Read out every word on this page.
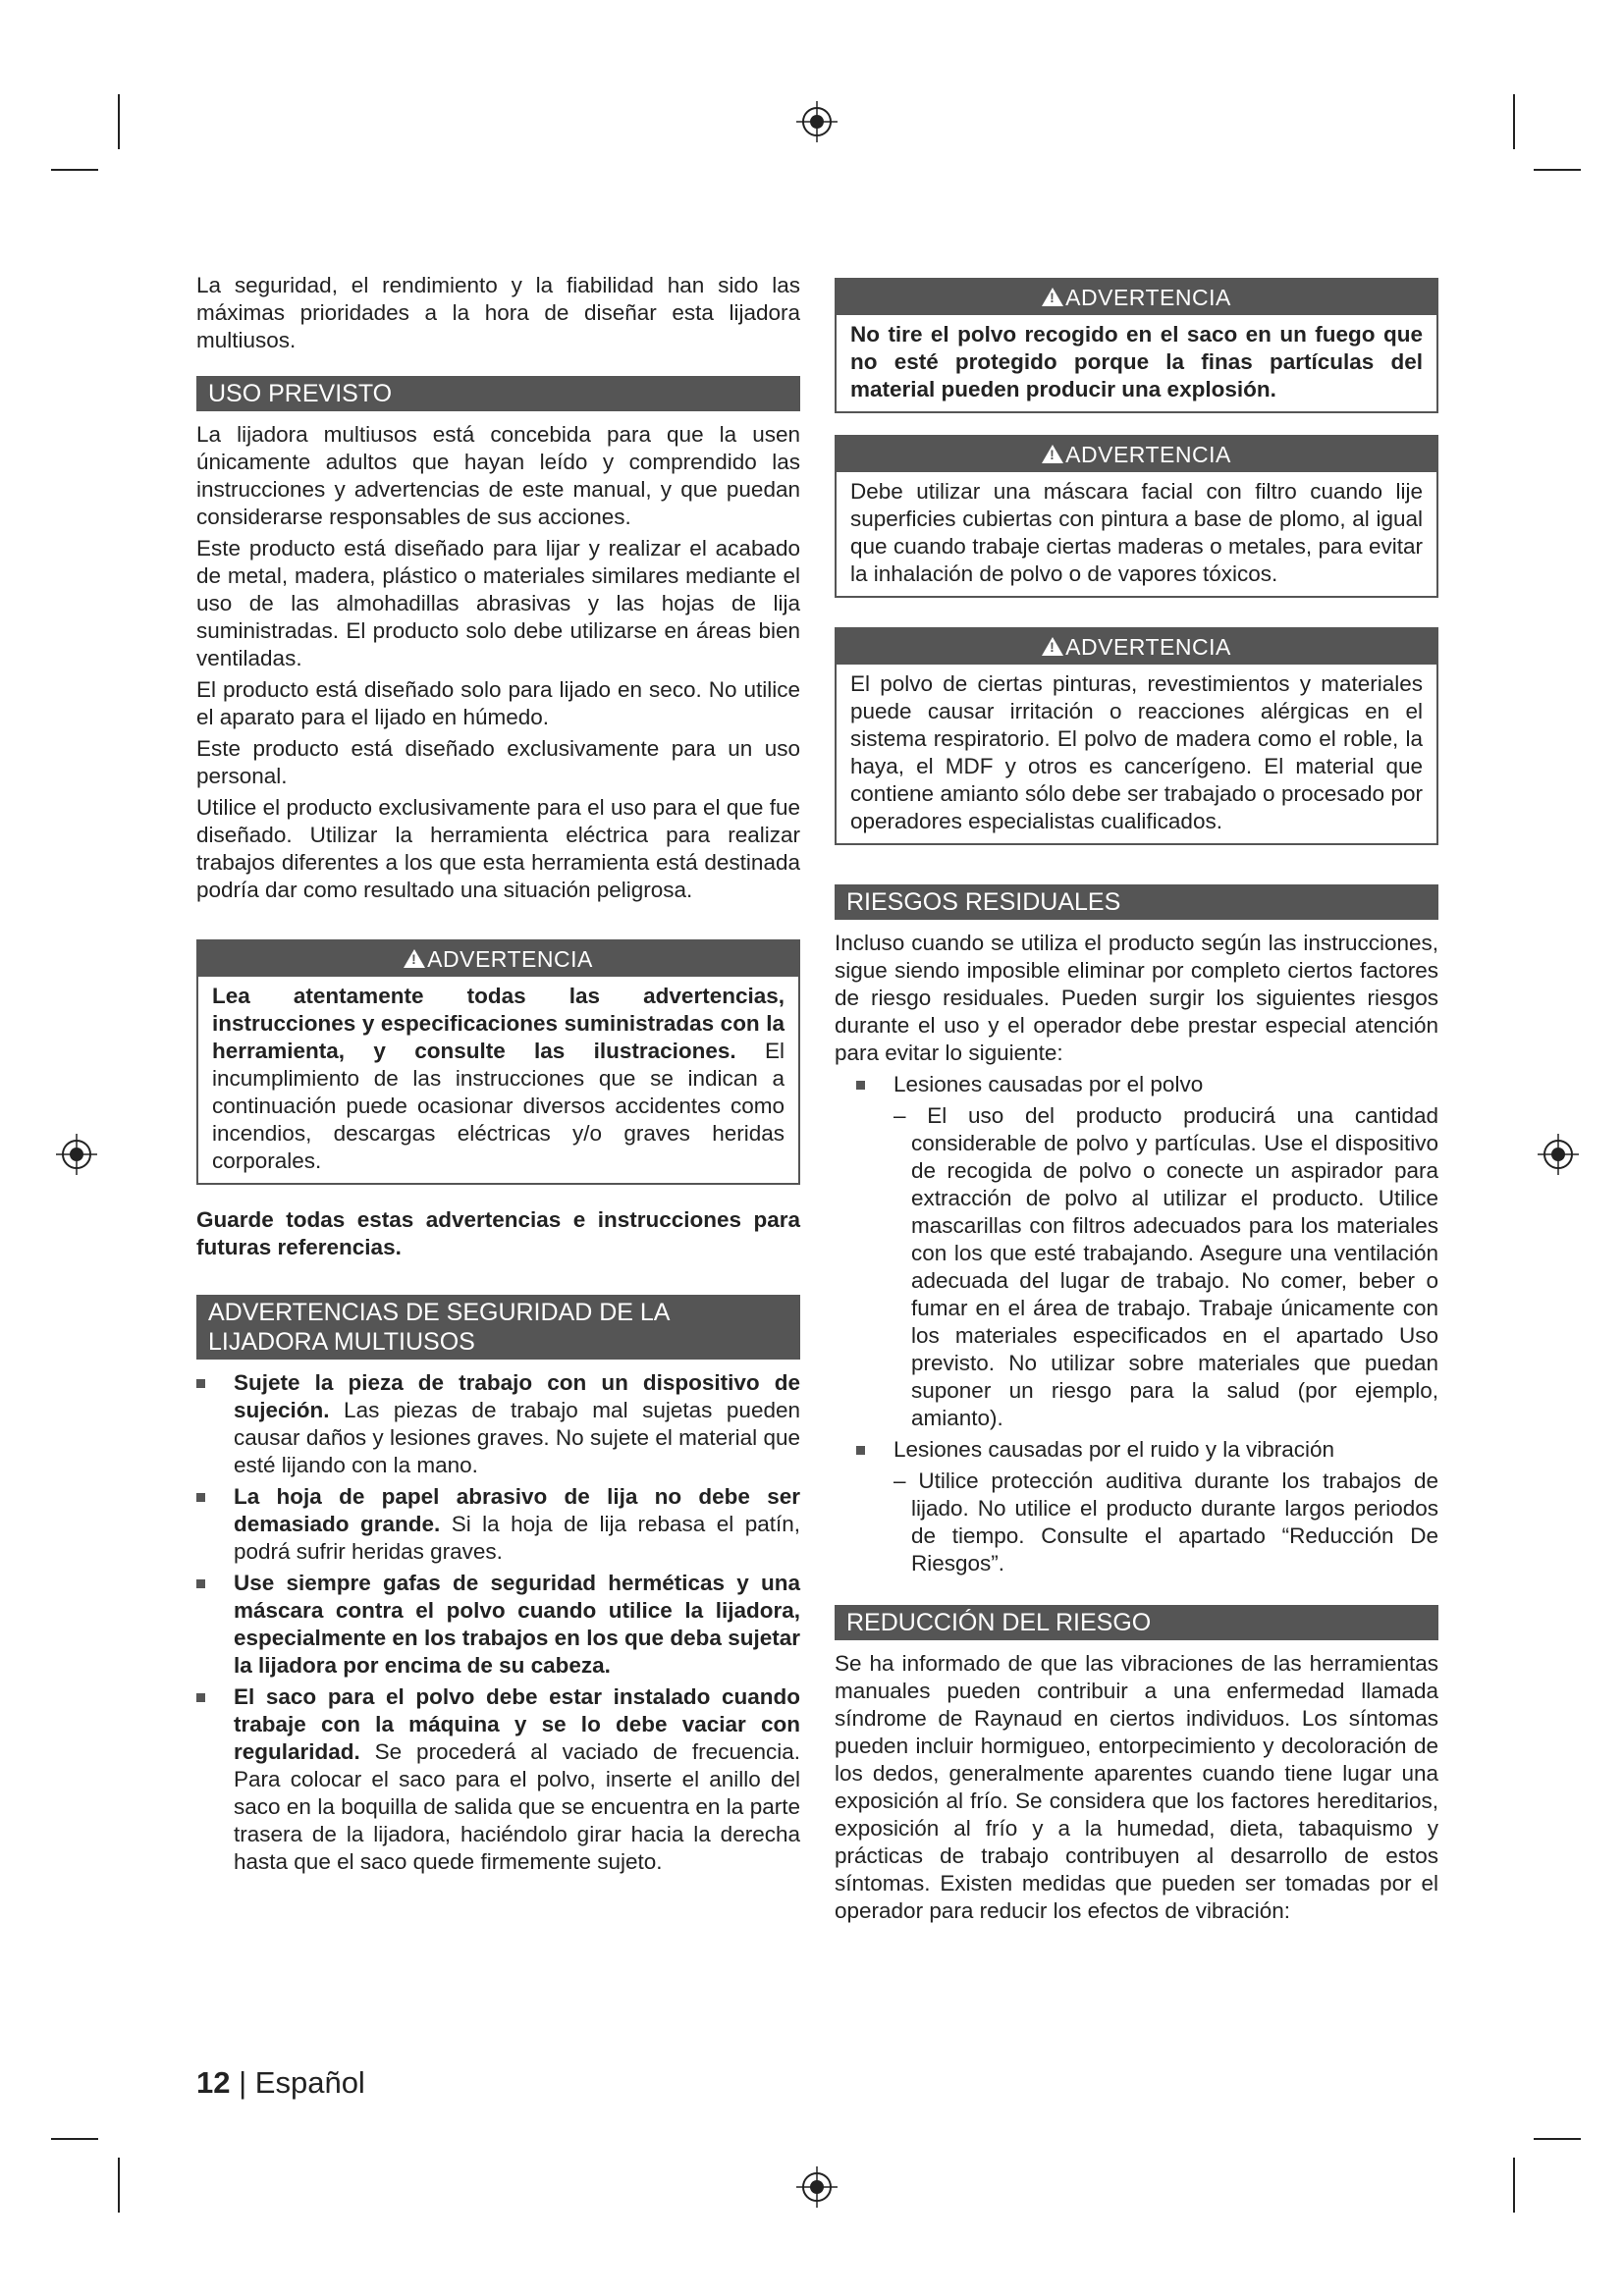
La seguridad, el rendimiento y la fiabilidad han sido las máximas prioridades a la hora de diseñar esta lijadora multiusos.

USO PREVISTO

La lijadora multiusos está concebida para que la usen únicamente adultos que hayan leído y comprendido las instrucciones y advertencias de este manual, y que puedan considerarse responsables de sus acciones.

Este producto está diseñado para lijar y realizar el acabado de metal, madera, plástico o materiales similares mediante el uso de las almohadillas abrasivas y las hojas de lija suministradas. El producto solo debe utilizarse en áreas bien ventiladas.

El producto está diseñado solo para lijado en seco. No utilice el aparato para el lijado en húmedo.

Este producto está diseñado exclusivamente para un uso personal.

Utilice el producto exclusivamente para el uso para el que fue diseñado. Utilizar la herramienta eléctrica para realizar trabajos diferentes a los que esta herramienta está destinada podría dar como resultado una situación peligrosa.

!ADVERTENCIA
Lea atentamente todas las advertencias, instrucciones y especificaciones suministradas con la herramienta, y consulte las ilustraciones. El incumplimiento de las instrucciones que se indican a continuación puede ocasionar diversos accidentes como incendios, descargas eléctricas y/o graves heridas corporales.

Guarde todas estas advertencias e instrucciones para futuras referencias.

ADVERTENCIAS DE SEGURIDAD DE LA LIJADORA MULTIUSOS
Sujete la pieza de trabajo con un dispositivo de sujeción. Las piezas de trabajo mal sujetas pueden causar daños y lesiones graves. No sujete el material que esté lijando con la mano.
La hoja de papel abrasivo de lija no debe ser demasiado grande. Si la hoja de lija rebasa el patín, podrá sufrir heridas graves.
Use siempre gafas de seguridad herméticas y una máscara contra el polvo cuando utilice la lijadora, especialmente en los trabajos en los que deba sujetar la lijadora por encima de su cabeza.
El saco para el polvo debe estar instalado cuando trabaje con la máquina y se lo debe vaciar con regularidad. Se procederá al vaciado de frecuencia. Para colocar el saco para el polvo, inserte el anillo del saco en la boquilla de salida que se encuentra en la parte trasera de la lijadora, haciéndolo girar hacia la derecha hasta que el saco quede firmemente sujeto.
!ADVERTENCIA
No tire el polvo recogido en el saco en un fuego que no esté protegido porque la finas partículas del material pueden producir una explosión.
!ADVERTENCIA
Debe utilizar una máscara facial con filtro cuando lije superficies cubiertas con pintura a base de plomo, al igual que cuando trabaje ciertas maderas o metales, para evitar la inhalación de polvo o de vapores tóxicos.
!ADVERTENCIA
El polvo de ciertas pinturas, revestimientos y materiales puede causar irritación o reacciones alérgicas en el sistema respiratorio. El polvo de madera como el roble, la haya, el MDF y otros es cancerígeno. El material que contiene amianto sólo debe ser trabajado o procesado por operadores especialistas cualificados.
RIESGOS RESIDUALES

Incluso cuando se utiliza el producto según las instrucciones, sigue siendo imposible eliminar por completo ciertos factores de riesgo residuales. Pueden surgir los siguientes riesgos durante el uso y el operador debe prestar especial atención para evitar lo siguiente:

Lesiones causadas por el polvo

– El uso del producto producirá una cantidad considerable de polvo y partículas. Use el dispositivo de recogida de polvo o conecte un aspirador para extracción de polvo al utilizar el producto. Utilice mascarillas con filtros adecuados para los materiales con los que esté trabajando. Asegure una ventilación adecuada del lugar de trabajo. No comer, beber o fumar en el área de trabajo. Trabaje únicamente con los materiales especificados en el apartado Uso previsto. No utilizar sobre materiales que puedan suponer un riesgo para la salud (por ejemplo, amianto).

Lesiones causadas por el ruido y la vibración

– Utilice protección auditiva durante los trabajos de lijado. No utilice el producto durante largos periodos de tiempo. Consulte el apartado “Reducción De Riesgos”.

REDUCCIÓN DEL RIESGO

Se ha informado de que las vibraciones de las herramientas manuales pueden contribuir a una enfermedad llamada síndrome de Raynaud en ciertos individuos. Los síntomas pueden incluir hormigueo, entorpecimiento y decoloración de los dedos, generalmente aparentes cuando tiene lugar una exposición al frío. Se considera que los factores hereditarios, exposición al frío y a la humedad, dieta, tabaquismo y prácticas de trabajo contribuyen al desarrollo de estos síntomas. Existen medidas que pueden ser tomadas por el operador para reducir los efectos de vibración:

12 | Español
